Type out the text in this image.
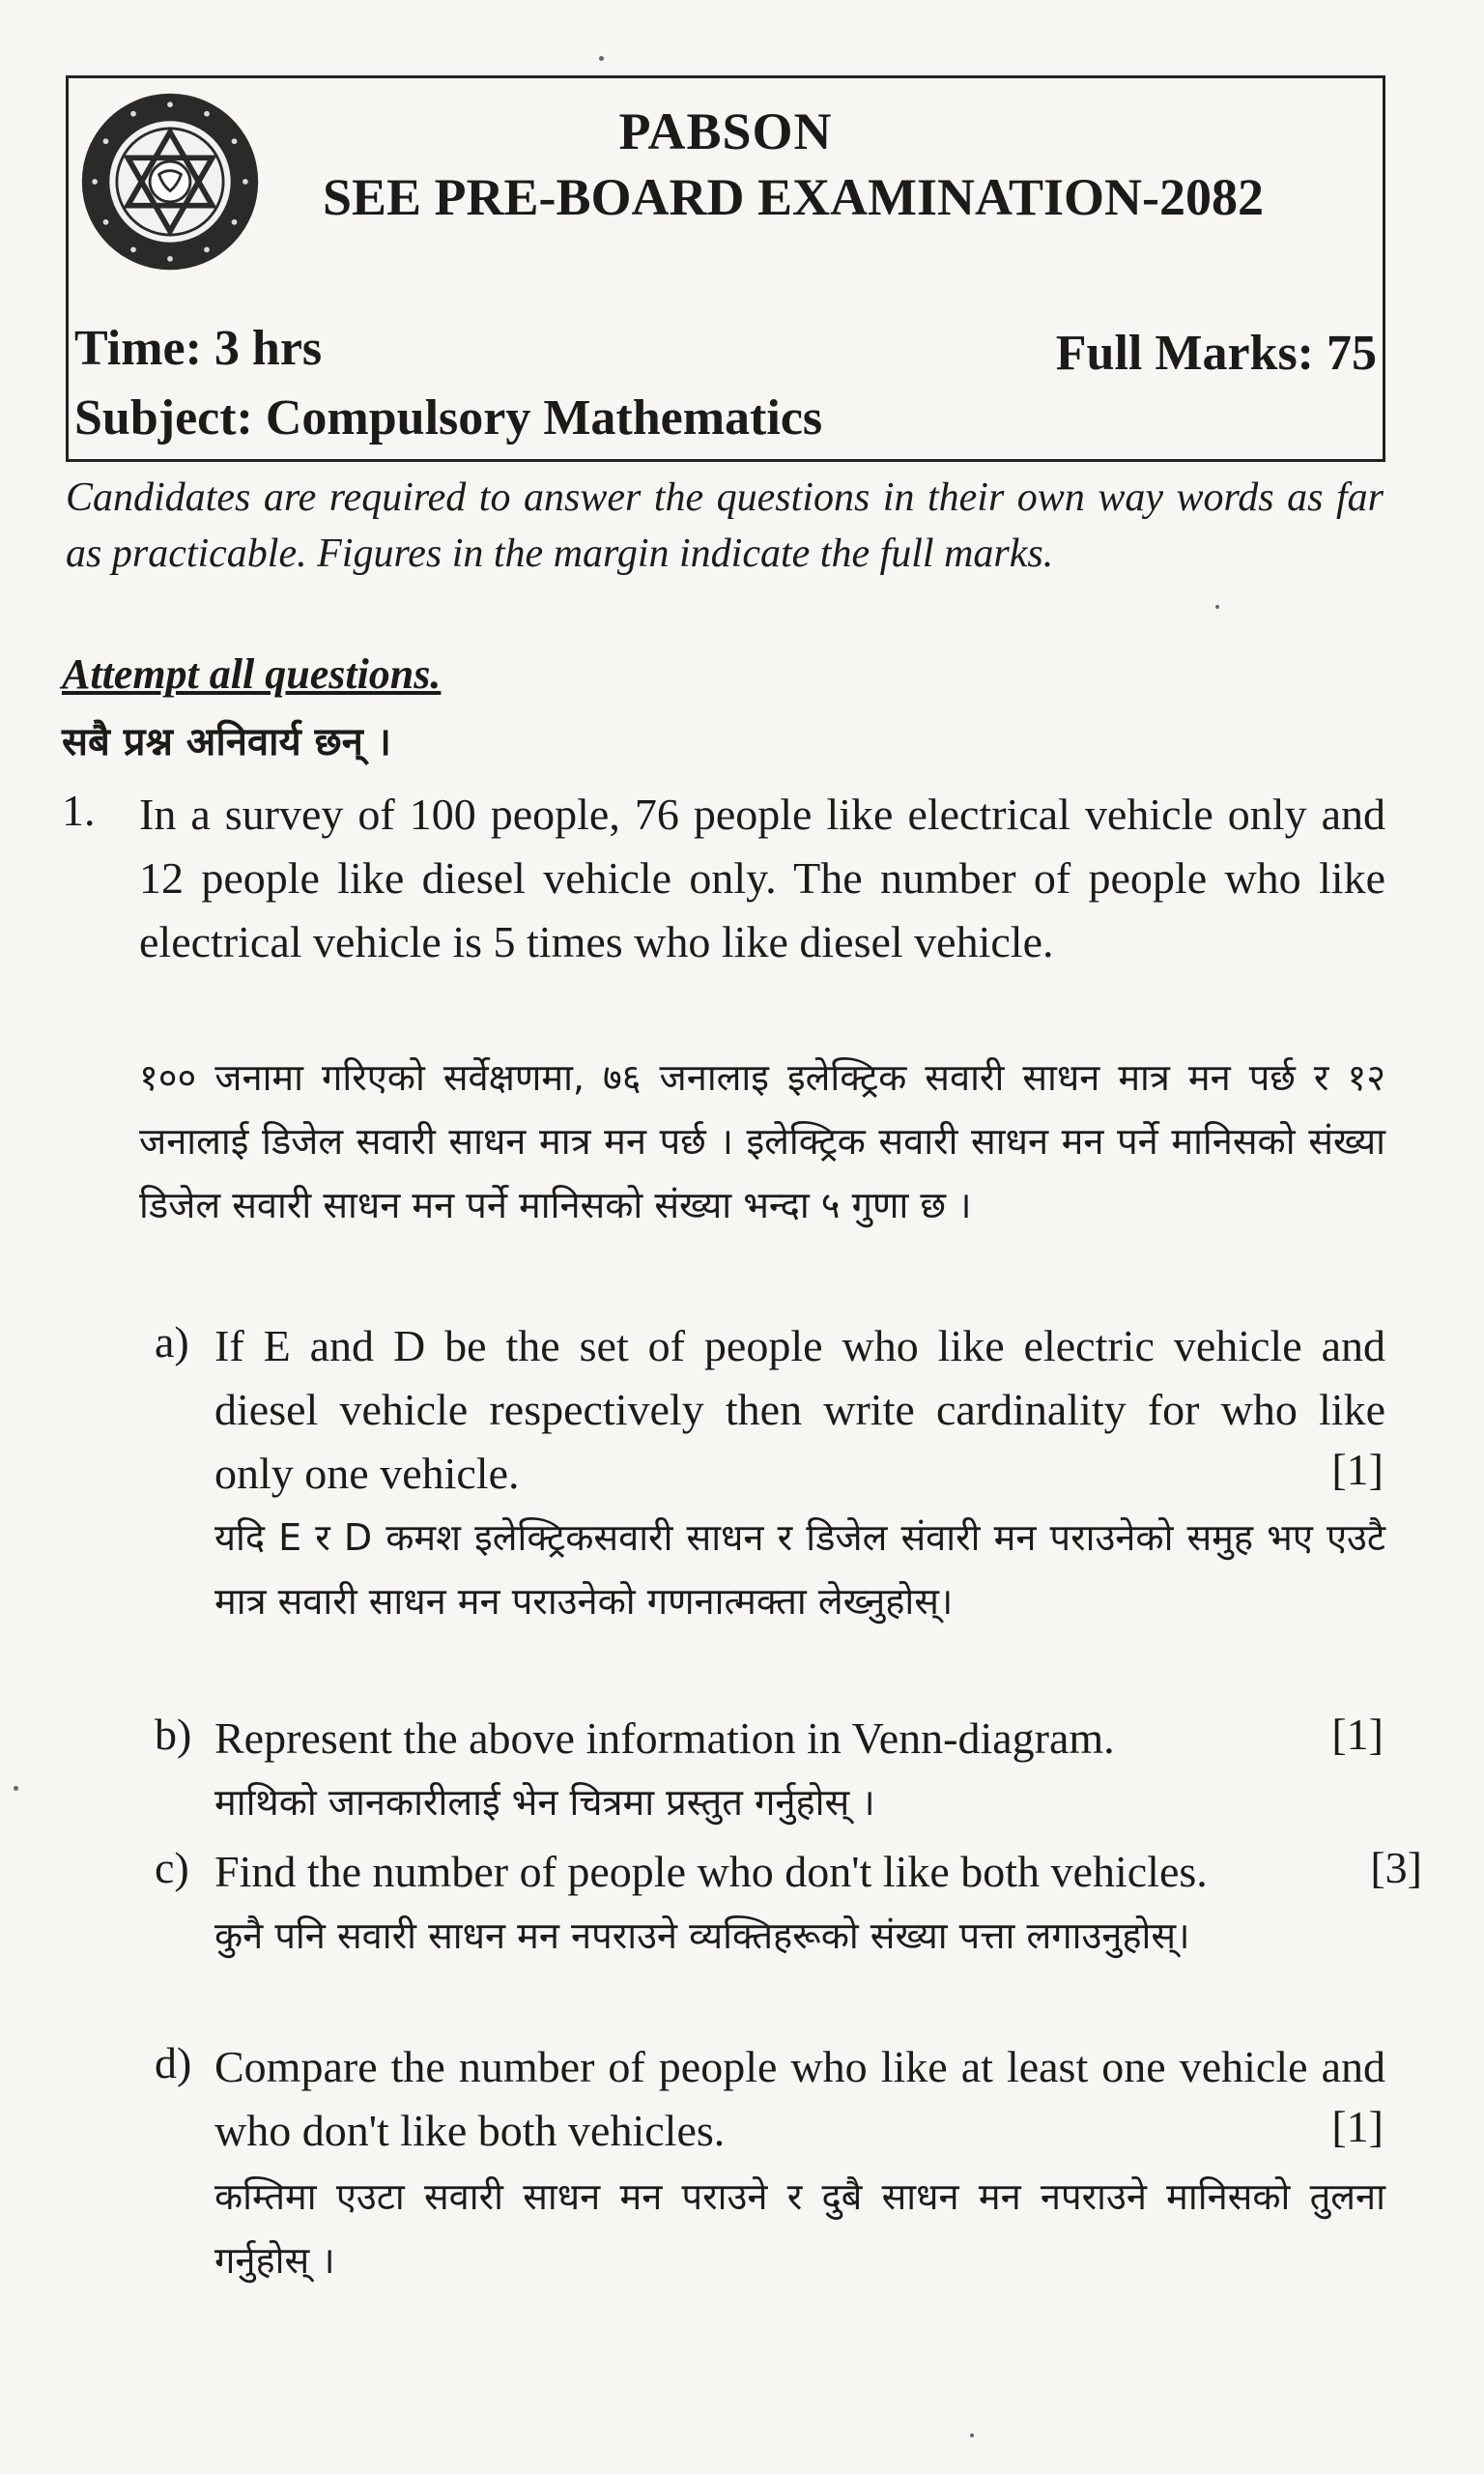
PABSON
SEE PRE-BOARD EXAMINATION-2082
Time: 3 hrs	Full Marks: 75
Subject: Compulsory Mathematics
Candidates are required to answer the questions in their own way words as far as practicable. Figures in the margin indicate the full marks.
Attempt all questions.
सबै प्रश्न अनिवार्य छन् ।
1. In a survey of 100 people, 76 people like electrical vehicle only and 12 people like diesel vehicle only. The number of people who like electrical vehicle is 5 times who like diesel vehicle.
१०० जनामा गरिएको सर्वेक्षणमा, ७६ जनालाइ इलेक्ट्रिक सवारी साधन मात्र मन पर्छ र १२ जनालाई डिजेल सवारी साधन मात्र मन पर्छ । इलेक्ट्रिक सवारी साधन मन पर्ने मानिसको संख्या डिजेल सवारी साधन मन पर्ने मानिसको संख्या भन्दा ५ गुणा छ ।
a) If E and D be the set of people who like electric vehicle and diesel vehicle respectively then write cardinality for who like only one vehicle.	[1]
यदि E र D कमश इलेक्ट्रिकसवारी साधन र डिजेल संवारी मन पराउनेको समुह भए एउटै मात्र सवारी साधन मन पराउनेको गणनात्मक्ता लेख्नुहोस्।
b) Represent the above information in Venn-diagram.	[1]
माथिको जानकारीलाई भेन चित्रमा प्रस्तुत गर्नुहोस् ।
c) Find the number of people who don't like both vehicles.	[3]
कुनै पनि सवारी साधन मन नपराउने व्यक्तिहरूको संख्या पत्ता लगाउनुहोस्।
d) Compare the number of people who like at least one vehicle and who don't like both vehicles.	[1]
कम्तिमा एउटा सवारी साधन मन पराउने र दुबै साधन मन नपराउने मानिसको तुलना गर्नुहोस् ।
